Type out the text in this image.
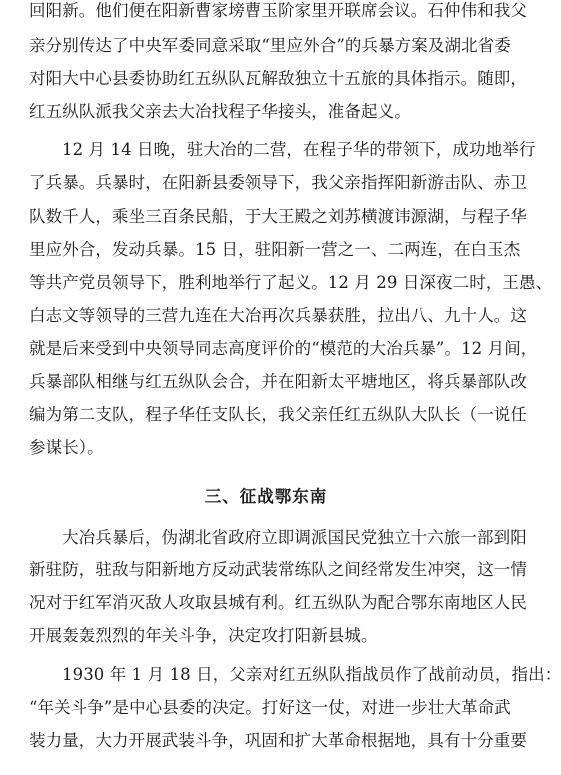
回阳新。他们便在阳新曹家塝曹玉阶家里开联席会议。石仲伟和我父
亲分别传达了中央军委同意采取“里应外合”的兵暴方案及湖北省委
对阳大中心县委协助红五纵队瓦解敌独立十五旅的具体指示。随即，
红五纵队派我父亲去大冶找程子华接头，准备起义。
12 月 14 日晚，驻大冶的二营，在程子华的带领下，成功地举行
了兵暴。兵暴时，在阳新县委领导下，我父亲指挥阳新游击队、赤卫
队数千人，乘坐三百条民船，于大王殿之刘苏横渡讳源湖，与程子华
里应外合，发动兵暴。15 日，驻阳新一营之一、二两连，在白玉杰
等共产党员领导下，胜利地举行了起义。12 月 29 日深夜二时，王愚、
白志文等领导的三营九连在大冶再次兵暴获胜，拉出八、九十人。这
就是后来受到中央领导同志高度评价的“模范的大冶兵暴”。12 月间，
兵暴部队相继与红五纵队会合，并在阳新太平塘地区，将兵暴部队改
编为第二支队，程子华任支队长，我父亲任红五纵队大队长（一说任
参谋长）。
三、征战鄂东南
大冶兵暴后，伪湖北省政府立即调派国民党独立十六旅一部到阳
新驻防，驻敌与阳新地方反动武装常练队之间经常发生冲突，这一情
况对于红军消灭敌人攻取县城有利。红五纵队为配合鄂东南地区人民
开展轰轰烈烈的年关斗争，决定攻打阳新县城。
1930 年 1 月 18 日，父亲对红五纵队指战员作了战前动员，指出：
“年关斗争”是中心县委的决定。打好这一仗，对进一步壮大革命武
装力量，大力开展武装斗争，巩固和扩大革命根据地，具有十分重要
